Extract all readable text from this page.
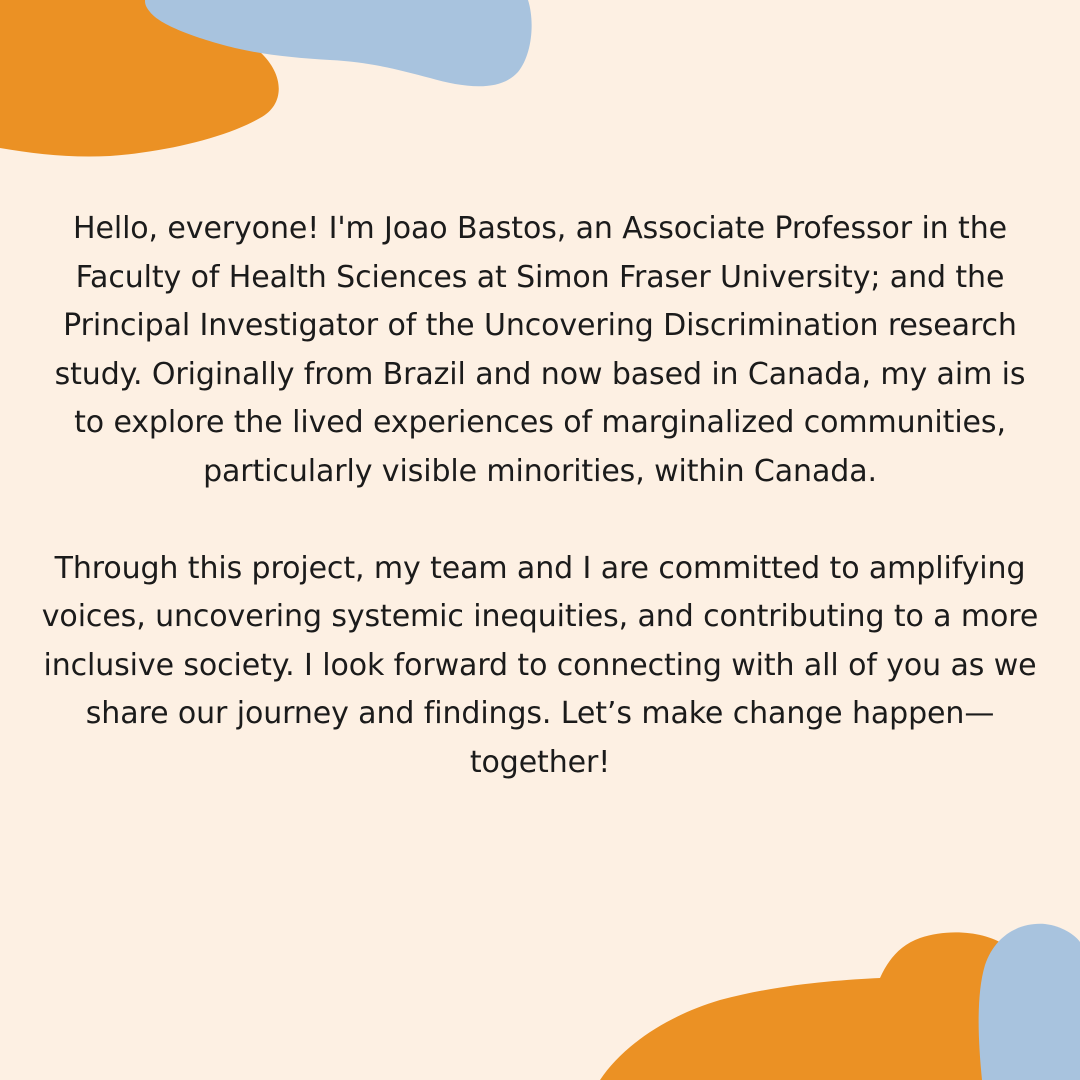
Hello, everyone! I'm Joao Bastos, an Associate Professor in the Faculty of Health Sciences at Simon Fraser University; and the Principal Investigator of the Uncovering Discrimination research study. Originally from Brazil and now based in Canada, my aim is to explore the lived experiences of marginalized communities, particularly visible minorities, within Canada.

Through this project, my team and I are committed to amplifying voices, uncovering systemic inequities, and contributing to a more inclusive society. I look forward to connecting with all of you as we share our journey and findings. Let’s make change happen—together!
